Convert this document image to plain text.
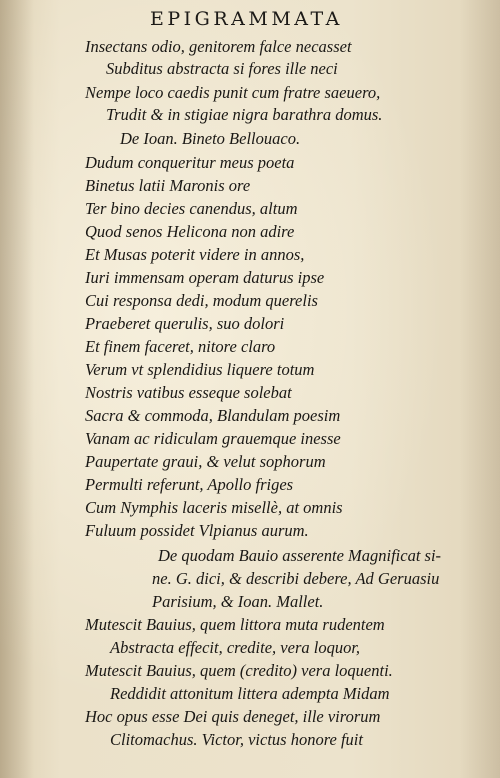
EPIGRAMMATA
Insectans odio, genitorem falce necasset
Subditus abstracta si fores ille neci
Nempe loco caedis punit cum fratre saeuero,
Trudit & in stigiae nigra barathra domus.
De Ioan. Bineto Bellouaco.
Dudum conqueritur meus poeta
Binetus latii Maronis ore
Ter bino decies canendus, altum
Quod senos Helicona non adire
Et Musas poterit videre in annos,
Iuri immensam operam daturus ipse
Cui responsa dedi, modum querelis
Praeberet querulis, suo dolori
Et finem faceret, nitore claro
Verum vt splendidius liquere totum
Nostris vatibus esseque solebat
Sacra & commoda, Blandulam poesim
Vanam ac ridiculam grauemque inesse
Paupertate graui, & velut sophorum
Permulti referunt, Apollo friges
Cum Nymphis laceris misellè, at omnis
Fuluum possidet Vlpianus aurum.
De quodam Bauio asserente Magnificat si-
ne. G. dici, & describi debere, Ad Geruasiu
Parisium, & Ioan. Mallet.
Mutescit Bauius, quem littora muta rudentem
Abstracta effecit, credite, vera loquor,
Mutescit Bauius, quem (credito) vera loquenti.
Reddidit attonitum littera adempta Midam
Hoc opus esse Dei quis deneget, ille virorum
Clitomachus. Victor, victus honore fuit
